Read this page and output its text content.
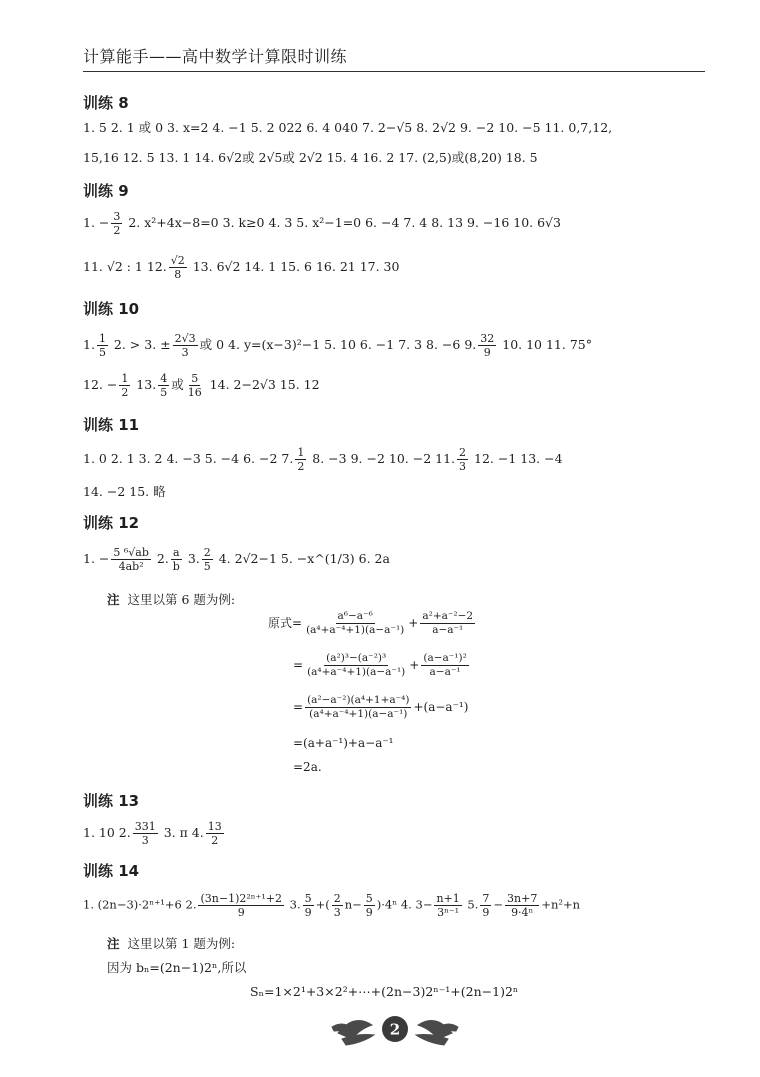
计算能手——高中数学计算限时训练
训练 8
1. 5 2. 1 或 0 3. x=2 4. −1 5. 2 022 6. 4 040 7. 2−√5 8. 2√2 9. −2 10. −5 11. 0,7,12,
15,16 12. 5 13. 1 14. 6√2或 2√5或 2√2 15. 4 16. 2 17. (2,5)或(8,20) 18. 5
训练 9
1. − $\frac{3}{2} 2$. x²+4x−8=0 3. k≥0 4. 3 5. x²−1=0 6. −4 7. 4 8. 13 9. −16 10. 6√3
11. √2 : 1 12. $\frac{√2}{8} 13$. 6√2 14. 1 15. 6 16. 21 17. 30
训练 10
1. $\frac{1}{5} 2$. > 3. ± $\frac{2√3}{3}$ 或 0 4. y=(x−3)²−1 5. 10 6. −1 7. 3 8. −6 9. $\frac{32}{9} 10$. 10 11. 75°
12. − $\frac{1}{2} 13$. $\frac{4}{5}$ 或 $\frac{5}{16} 14$. 2−2√3 15. 12
训练 11
1. 0 2. 1 3. 2 4. −3 5. −4 6. −2 7. $\frac{1}{2} 8$. −3 9. −2 10. −2 11. $\frac{2}{3} 12$. −1 13. −4
14. −2 15. 略
训练 12
1. − $\frac{\text{5 ⁶√ab}}{\text{4ab²}} 2$. $\frac{a}{b} 3$. $\frac{2}{5} 4$. 2√2−1 5. −x^(1/3) 6. 2a
注 这里以第 6 题为例:
原式= $\frac{\text{a⁶−a⁻⁶}}{\text{(a⁴+a⁻⁴+1)(a−a⁻¹)}} + \frac{\text{a²+a⁻²−2}}{\text{a−a⁻¹}}$
= $\frac{\text{(a²)³−(a⁻²)³}}{\text{(a⁴+a⁻⁴+1)(a−a⁻¹)}} + \frac{\text{(a−a⁻¹)²}}{\text{a−a⁻¹}}$
= $\frac{\text{(a²−a⁻²)(a⁴+1+a⁻⁴)}}{\text{(a⁴+a⁻⁴+1)(a−a⁻¹)}} +(a-a^{-1})$
=(a+a⁻¹)+a−a⁻¹
=2a.
训练 13
1. 10 2. $\frac{331}{3} 3$. π 4. $\frac{13}{2}$
训练 14
1. (2n−3)·2ⁿ⁺¹+6 2. $\frac{\text{(3n−1)2²ⁿ⁺¹+2}}{9} 3$. $\frac{5}{9}$ +( $\frac{2}{3} n- \frac{5}{9} )\cdot 4^n$ 4. $3- \frac{n+1}{\text{3ⁿ⁻¹}} 5$. $\frac{7}{9} - \frac{3n+7}{\text{9·4ⁿ}} +n^2+n$
注 这里以第 1 题为例:
因为 bₙ=(2n−1)2ⁿ,所以
Sₙ=1×2¹+3×2²+⋯+(2n−3)2ⁿ⁻¹+(2n−1)2ⁿ
2
